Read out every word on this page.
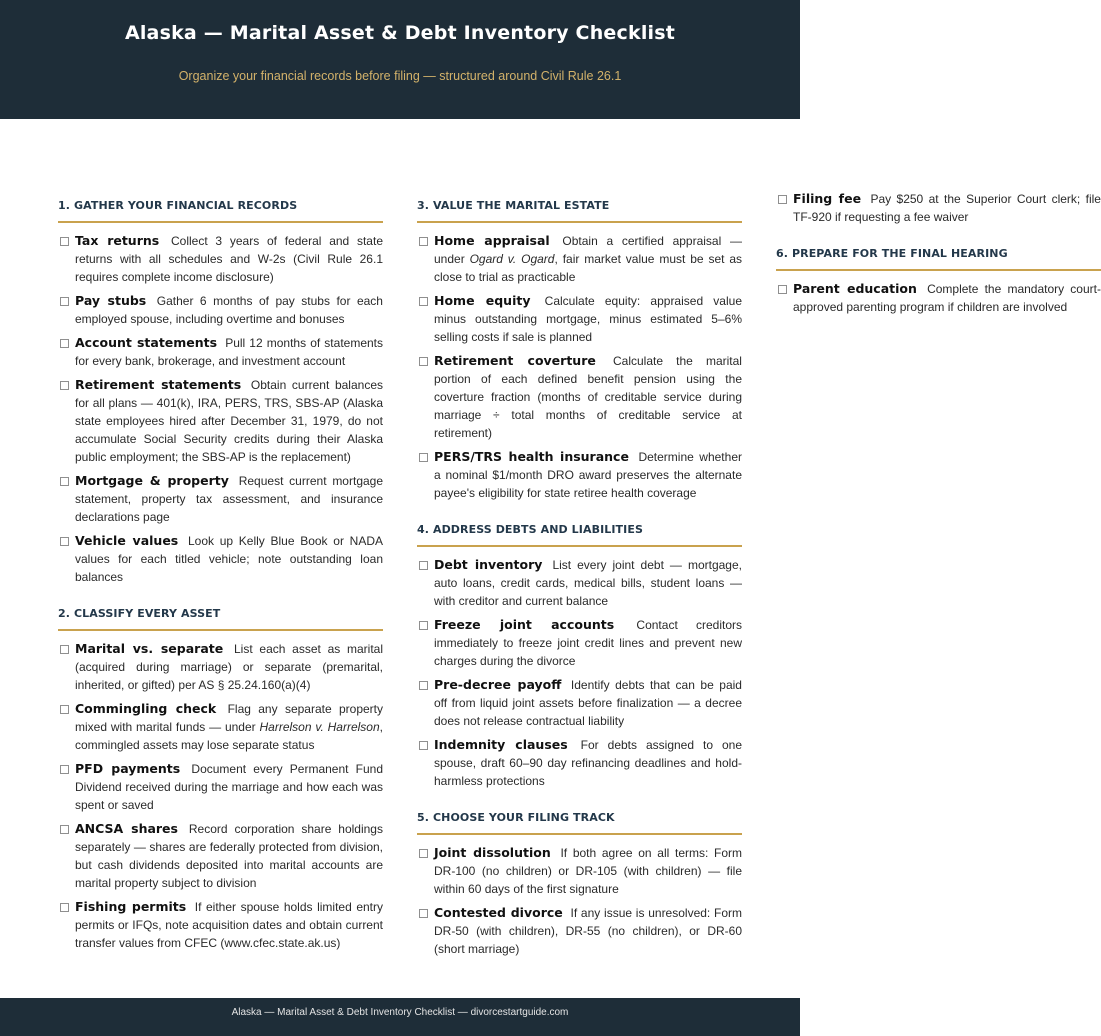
Alaska — Marital Asset & Debt Inventory Checklist
Organize your financial records before filing — structured around Civil Rule 26.1
1. GATHER YOUR FINANCIAL RECORDS
Tax returns Collect 3 years of federal and state returns with all schedules and W-2s (Civil Rule 26.1 requires complete income disclosure)
Pay stubs Gather 6 months of pay stubs for each employed spouse, including overtime and bonuses
Account statements Pull 12 months of statements for every bank, brokerage, and investment account
Retirement statements Obtain current balances for all plans — 401(k), IRA, PERS, TRS, SBS-AP (Alaska state employees hired after December 31, 1979, do not accumulate Social Security credits during their Alaska public employment; the SBS-AP is the replacement)
Mortgage & property Request current mortgage statement, property tax assessment, and insurance declarations page
Vehicle values Look up Kelly Blue Book or NADA values for each titled vehicle; note outstanding loan balances
2. CLASSIFY EVERY ASSET
Marital vs. separate List each asset as marital (acquired during marriage) or separate (premarital, inherited, or gifted) per AS § 25.24.160(a)(4)
Commingling check Flag any separate property mixed with marital funds — under Harrelson v. Harrelson, commingled assets may lose separate status
PFD payments Document every Permanent Fund Dividend received during the marriage and how each was spent or saved
ANCSA shares Record corporation share holdings separately — shares are federally protected from division, but cash dividends deposited into marital accounts are marital property subject to division
Fishing permits If either spouse holds limited entry permits or IFQs, note acquisition dates and obtain current transfer values from CFEC (www.cfec.state.ak.us)
3. VALUE THE MARITAL ESTATE
Home appraisal Obtain a certified appraisal — under Ogard v. Ogard, fair market value must be set as close to trial as practicable
Home equity Calculate equity: appraised value minus outstanding mortgage, minus estimated 5–6% selling costs if sale is planned
Retirement coverture Calculate the marital portion of each defined benefit pension using the coverture fraction (months of creditable service during marriage ÷ total months of creditable service at retirement)
PERS/TRS health insurance Determine whether a nominal $1/month DRO award preserves the alternate payee's eligibility for state retiree health coverage
4. ADDRESS DEBTS AND LIABILITIES
Debt inventory List every joint debt — mortgage, auto loans, credit cards, medical bills, student loans — with creditor and current balance
Freeze joint accounts Contact creditors immediately to freeze joint credit lines and prevent new charges during the divorce
Pre-decree payoff Identify debts that can be paid off from liquid joint assets before finalization — a decree does not release contractual liability
Indemnity clauses For debts assigned to one spouse, draft 60–90 day refinancing deadlines and hold-harmless protections
5. CHOOSE YOUR FILING TRACK
Joint dissolution If both agree on all terms: Form DR-100 (no children) or DR-105 (with children) — file within 60 days of the first signature
Contested divorce If any issue is unresolved: Form DR-50 (with children), DR-55 (no children), or DR-60 (short marriage)
Filing fee Pay $250 at the Superior Court clerk; file TF-920 if requesting a fee waiver
6. PREPARE FOR THE FINAL HEARING
Parent education Complete the mandatory court-approved parenting program if children are involved
Alaska — Marital Asset & Debt Inventory Checklist — divorcestartguide.com
